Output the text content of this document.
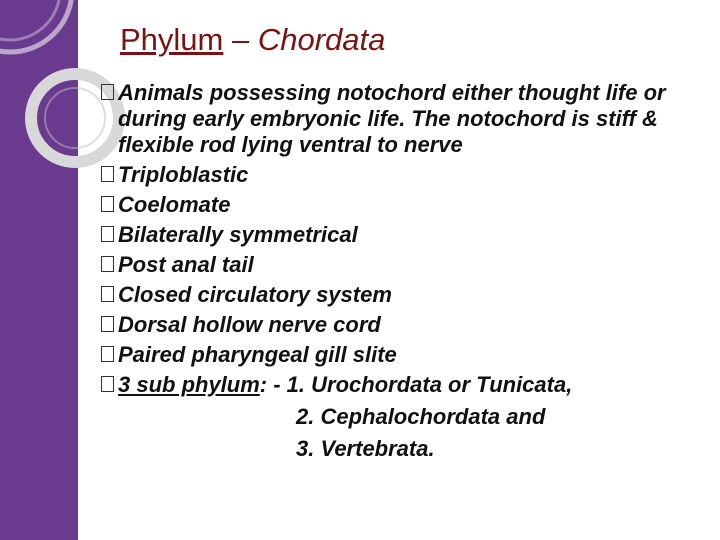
Phylum – Chordata
Animals possessing notochord either thought life or during early embryonic life. The notochord is stiff & flexible rod lying ventral to nerve
Triploblastic
Coelomate
Bilaterally symmetrical
Post anal tail
Closed circulatory system
Dorsal hollow nerve cord
Paired pharyngeal gill slite
3 sub phylum: - 1. Urochordata or Tunicata,
2. Cephalochordata and
3. Vertebrata.
